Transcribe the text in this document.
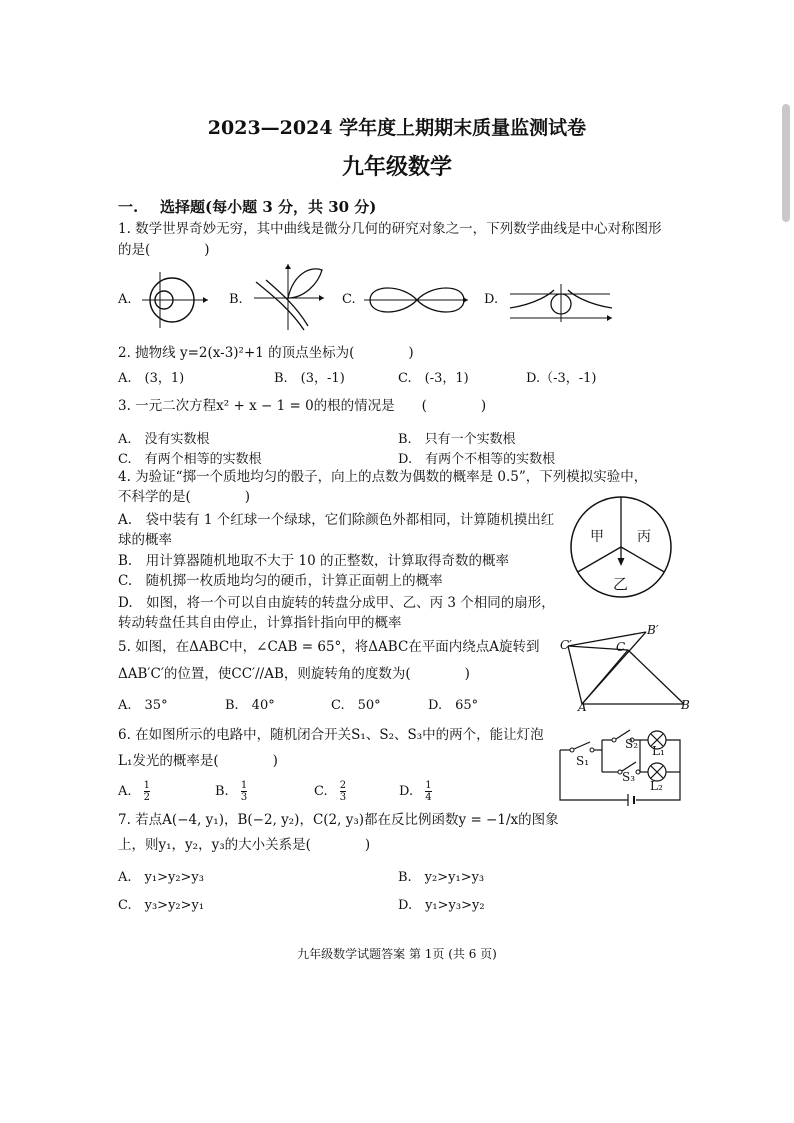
2023—2024 学年度上期期末质量监测试卷
九年级数学
一. 选择题(每小题 3 分，共 30 分)
1. 数学世界奇妙无穷，其中曲线是微分几何的研究对象之一，下列数学曲线是中心对称图形
的是(　　　　)
A.	B.	C.	D.
2. 抛物线 y=2(x-3)²+1 的顶点坐标为(　　　　)
A.　(3，1)	B.　(3，-1)	C.　(-3，1)	D.（-3，-1)
3. 一元二次方程x² + x − 1 = 0的根的情况是　　(　　　　)
A.　没有实数根	B.　只有一个实数根
C.　有两个相等的实数根	D.　有两个不相等的实数根
4. 为验证“掷一个质地均匀的骰子，向上的点数为偶数的概率是 0.5”，下列模拟实验中，
不科学的是(　　　　)
A.　袋中装有 1 个红球一个绿球，它们除颜色外都相同，计算随机摸出红
球的概率
B.　用计算器随机地取不大于 10 的正整数，计算取得奇数的概率
C.　随机掷一枚质地均匀的硬币，计算正面朝上的概率
D.　如图，将一个可以自由旋转的转盘分成甲、乙、丙 3 个相同的扇形，
转动转盘任其自由停止，计算指针指向甲的概率
甲 丙
乙
5. 如图，在ΔABC中，∠CAB = 65°，将ΔABC在平面内绕点A旋转到
ΔAB′C′的位置，使CC′//AB，则旋转角的度数为(　　　　)
A.　35°	B.　40°	C.　50°	D.　65°
C′
B′
C
A	B
6. 在如图所示的电路中，随机闭合开关S₁、S₂、S₃中的两个，能让灯泡
L₁发光的概率是(　　　　)
A. $\frac{1}{2}$	B. $\frac{1}{3}$	C. $\frac{2}{3}$	D. $\frac{1}{4}$
S₁
S₂
S₃
L₁
L₂
7. 若点A(−4, y₁)，B(−2, y₂)，C(2, y₃)都在反比例函数y = −1/x的图象
上，则y₁，y₂，y₃的大小关系是(　　　　)
A.　y₁>y₂>y₃	B.　y₂>y₁>y₃
C.　y₃>y₂>y₁	D.　y₁>y₃>y₂
九年级数学试题答案 第 1页 (共 6 页)
